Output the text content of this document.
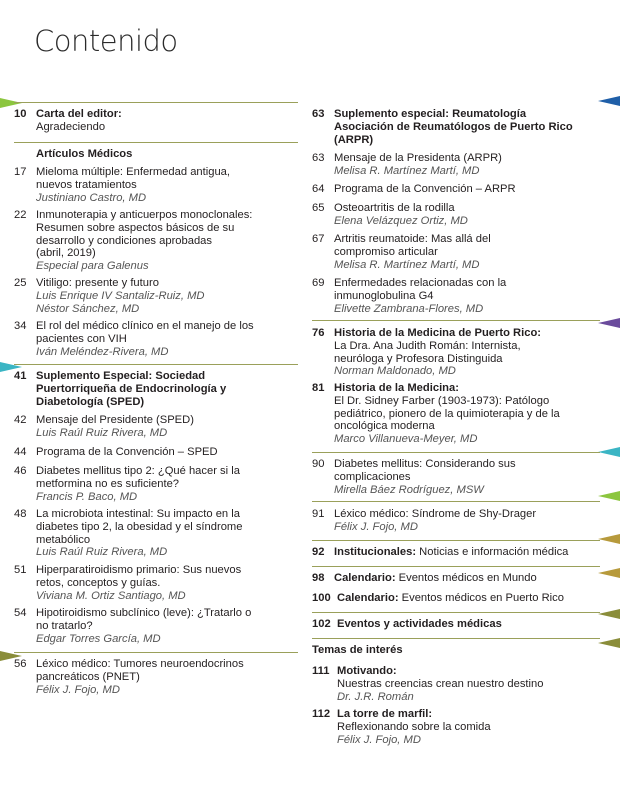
Contenido
10 Carta del editor:
Agradeciendo
Artículos Médicos
17 Mieloma múltiple: Enfermedad antigua,
nuevos tratamientos
Justiniano Castro, MD
22 Inmunoterapia y anticuerpos monoclonales:
Resumen sobre aspectos básicos de su
desarrollo y condiciones aprobadas
(abril, 2019)
Especial para Galenus
25 Vitiligo: presente y futuro
Luis Enrique IV Santaliz-Ruiz, MD
Néstor Sánchez, MD
34 El rol del médico clínico en el manejo de los
pacientes con VIH
Iván Meléndez-Rivera, MD
41 Suplemento Especial: Sociedad
Puertorriqueña de Endocrinología y
Diabetología (SPED)
42 Mensaje del Presidente (SPED)
Luis Raúl Ruiz Rivera, MD
44 Programa de la Convención – SPED
46 Diabetes mellitus tipo 2: ¿Qué hacer si la
metformina no es suficiente?
Francis P. Baco, MD
48 La microbiota intestinal: Su impacto en la
diabetes tipo 2, la obesidad y el síndrome
metabólico
Luis Raúl Ruiz Rivera, MD
51 Hiperparatiroidismo primario: Sus nuevos
retos, conceptos y guías.
Viviana M. Ortiz Santiago, MD
54 Hipotiroidismo subclínico (leve): ¿Tratarlo o
no tratarlo?
Edgar Torres García, MD
56 Léxico médico: Tumores neuroendocrinos
pancreáticos (PNET)
Félix J. Fojo, MD
63 Suplemento especial: Reumatología
Asociación de Reumatólogos de Puerto Rico
(ARPR)
63 Mensaje de la Presidenta (ARPR)
Melisa R. Martínez Martí, MD
64 Programa de la Convención – ARPR
65 Osteoartritis de la rodilla
Elena Velázquez Ortiz, MD
67 Artritis reumatoide: Mas allá del
compromiso articular
Melisa R. Martínez Martí, MD
69 Enfermedades relacionadas con la
inmunoglobulina G4
Elivette Zambrana-Flores, MD
76 Historia de la Medicina de Puerto Rico:
La Dra. Ana Judith Román: Internista,
neuróloga y Profesora Distinguida
Norman Maldonado, MD
81 Historia de la Medicina:
El Dr. Sidney Farber (1903-1973): Patólogo
pediátrico, pionero de la quimioterapia y de la
oncológica moderna
Marco Villanueva-Meyer, MD
90 Diabetes mellitus: Considerando sus
complicaciones
Mirella Báez Rodríguez, MSW
91 Léxico médico: Síndrome de Shy-Drager
Félix J. Fojo, MD
92 Institucionales: Noticias e información médica
98 Calendario: Eventos médicos en Mundo
100 Calendario: Eventos médicos en Puerto Rico
102 Eventos y actividades médicas
Temas de interés
111 Motivando:
Nuestras creencias crean nuestro destino
Dr. J.R. Román
112 La torre de marfil:
Reflexionando sobre la comida
Félix J. Fojo, MD
